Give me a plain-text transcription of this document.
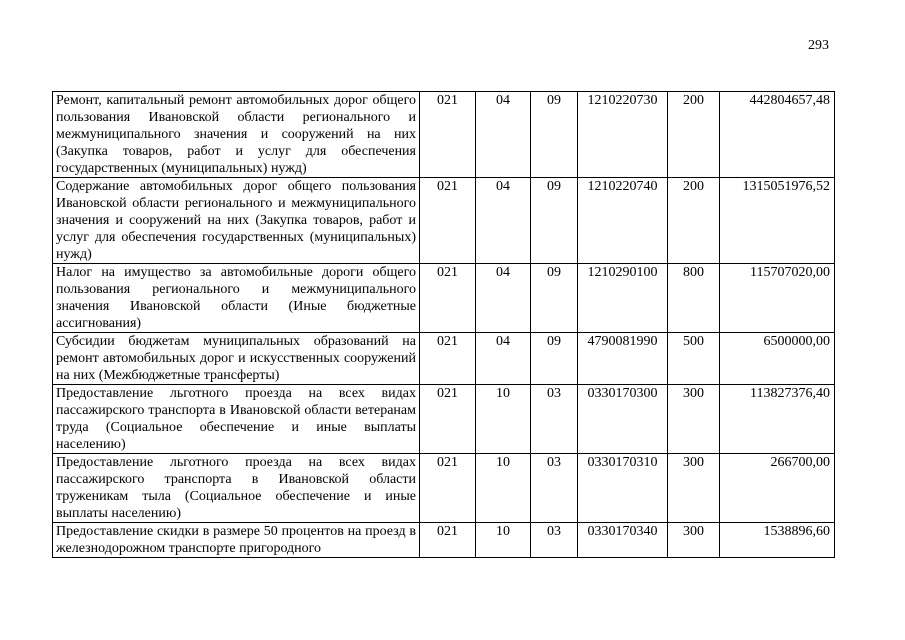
293
Ремонт, капитальный ремонт автомобильных дорог общего пользования Ивановской области регионального и межмуниципального значения и сооружений на них (Закупка товаров, работ и услуг для обеспечения государственных (муниципальных) нужд)	021	04	09	1210220730	200	442804657,48
Содержание автомобильных дорог общего пользования Ивановской области регионального и межмуниципального значения и сооружений на них (Закупка товаров, работ и услуг для обеспечения государственных (муниципальных) нужд)	021	04	09	1210220740	200	1315051976,52
Налог на имущество за автомобильные дороги общего пользования регионального и межмуниципального значения Ивановской области (Иные бюджетные ассигнования)	021	04	09	1210290100	800	115707020,00
Субсидии бюджетам муниципальных образований на ремонт автомобильных дорог и искусственных сооружений на них (Межбюджетные трансферты)	021	04	09	4790081990	500	6500000,00
Предоставление льготного проезда на всех видах пассажирского транспорта в Ивановской области ветеранам труда (Социальное обеспечение и иные выплаты населению)	021	10	03	0330170300	300	113827376,40
Предоставление льготного проезда на всех видах пассажирского транспорта в Ивановской области труженикам тыла (Социальное обеспечение и иные выплаты населению)	021	10	03	0330170310	300	266700,00
Предоставление скидки в размере 50 процентов на проезд в железнодорожном транспорте пригородного	021	10	03	0330170340	300	1538896,60
